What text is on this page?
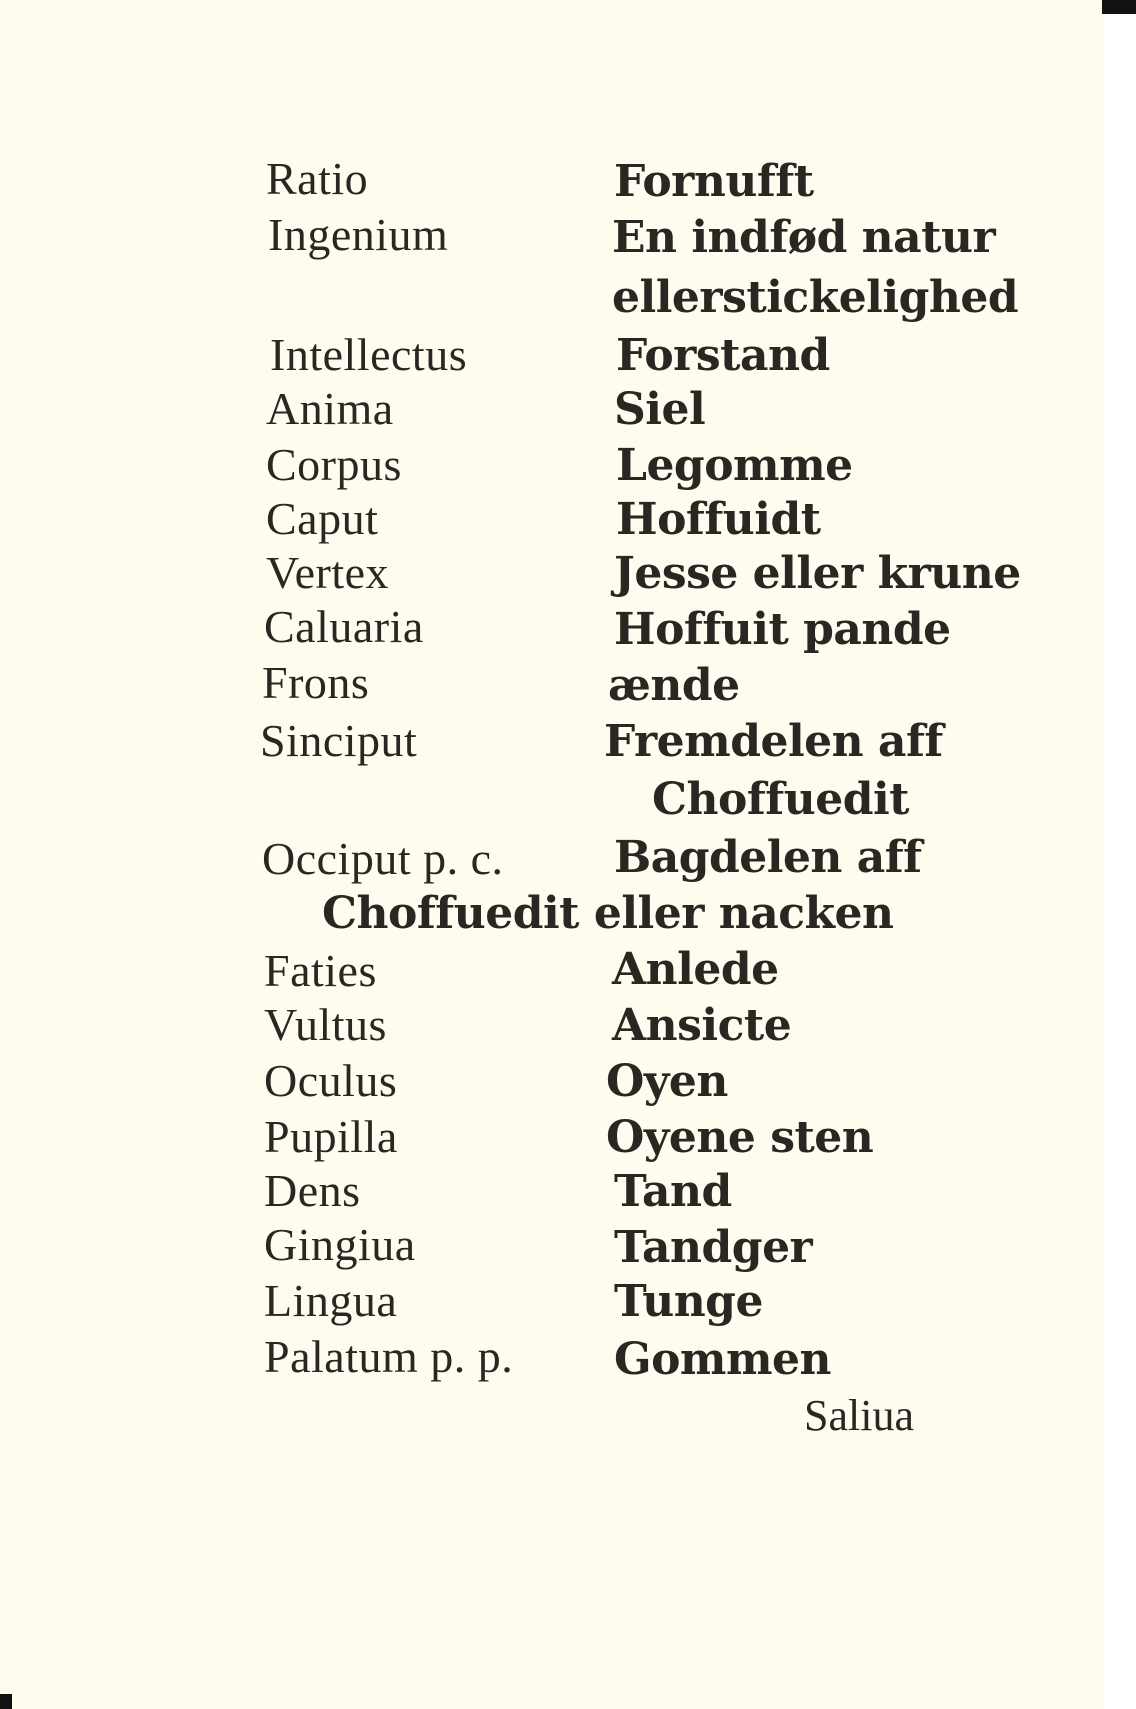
Ratio
Ingenium
Intellectus
Anima
Corpus
Caput
Vertex
Caluaria
Frons
Sinciput
Occiput p. c.
Faties
Vultus
Oculus
Pupilla
Dens
Gingiua
Lingua
Palatum p. p.
Fornufft
En indfød natur
ellerstickelighed
Forstand
Siel
Legomme
Hoffuidt
Jesse eller krune
Hoffuit pande
ænde
Fremdelen aff
Choffuedit
Bagdelen aff
Choffuedit eller nacken
Anlede
Ansicte
Oyen
Oyene sten
Tand
Tandger
Tunge
Gommen
Saliua
